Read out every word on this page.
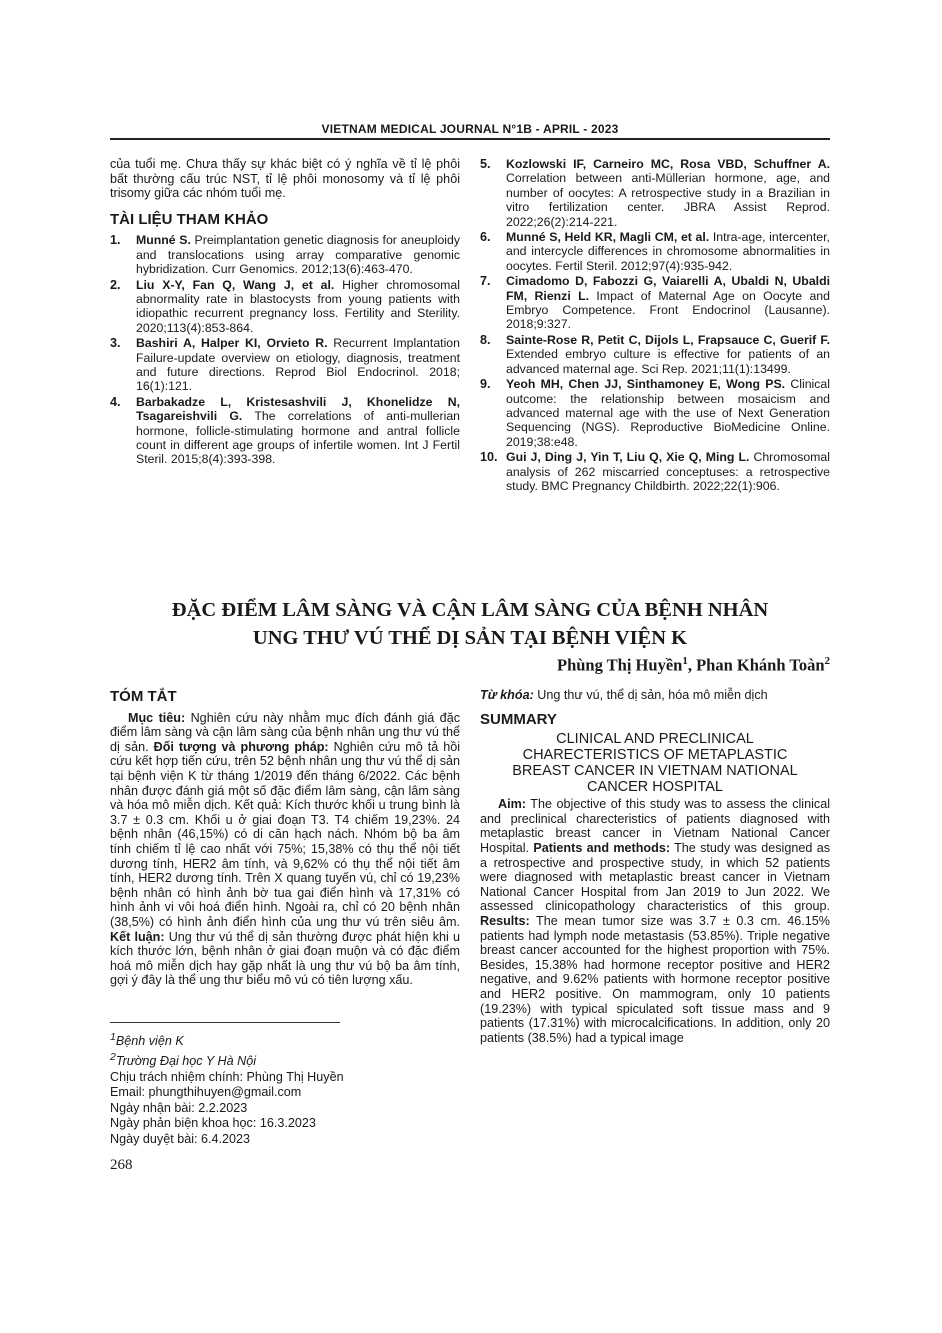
VIETNAM MEDICAL JOURNAL N°1B - APRIL - 2023
của tuổi mẹ. Chưa thấy sự khác biệt có ý nghĩa về tỉ lệ phôi bất thường cấu trúc NST, tỉ lệ phôi monosomy và tỉ lệ phôi trisomy giữa các nhóm tuổi mẹ.
TÀI LIỆU THAM KHẢO
1.	Munné S. Preimplantation genetic diagnosis for aneuploidy and translocations using array comparative genomic hybridization. Curr Genomics. 2012;13(6):463-470.
2.	Liu X-Y, Fan Q, Wang J, et al. Higher chromosomal abnormality rate in blastocysts from young patients with idiopathic recurrent pregnancy loss. Fertility and Sterility. 2020;113(4):853-864.
3.	Bashiri A, Halper KI, Orvieto R. Recurrent Implantation Failure-update overview on etiology, diagnosis, treatment and future directions. Reprod Biol Endocrinol. 2018; 16(1):121.
4.	Barbakadze L, Kristesashvili J, Khonelidze N, Tsagareishvili G. The correlations of anti-mullerian hormone, follicle-stimulating hormone and antral follicle count in different age groups of infertile women. Int J Fertil Steril. 2015;8(4):393-398.
5.	Kozlowski IF, Carneiro MC, Rosa VBD, Schuffner A. Correlation between anti-Müllerian hormone, age, and number of oocytes: A retrospective study in a Brazilian in vitro fertilization center. JBRA Assist Reprod. 2022;26(2):214-221.
6.	Munné S, Held KR, Magli CM, et al. Intra-age, intercenter, and intercycle differences in chromosome abnormalities in oocytes. Fertil Steril. 2012;97(4):935-942.
7.	Cimadomo D, Fabozzi G, Vaiarelli A, Ubaldi N, Ubaldi FM, Rienzi L. Impact of Maternal Age on Oocyte and Embryo Competence. Front Endocrinol (Lausanne). 2018;9:327.
8.	Sainte-Rose R, Petit C, Dijols L, Frapsauce C, Guerif F. Extended embryo culture is effective for patients of an advanced maternal age. Sci Rep. 2021;11(1):13499.
9.	Yeoh MH, Chen JJ, Sinthamoney E, Wong PS. Clinical outcome: the relationship between mosaicism and advanced maternal age with the use of Next Generation Sequencing (NGS). Reproductive BioMedicine Online. 2019;38:e48.
10. Gui J, Ding J, Yin T, Liu Q, Xie Q, Ming L. Chromosomal analysis of 262 miscarried conceptuses: a retrospective study. BMC Pregnancy Childbirth. 2022;22(1):906.
ĐẶC ĐIỂM LÂM SÀNG VÀ CẬN LÂM SÀNG CỦA BỆNH NHÂN
UNG THƯ VÚ THỂ DỊ SẢN TẠI BỆNH VIỆN K
Phùng Thị Huyền$^1$, Phan Khánh Toàn$^2$
TÓM TẮT
Mục tiêu: Nghiên cứu này nhằm mục đích đánh giá đặc điểm lâm sàng và cận lâm sàng của bệnh nhân ung thư vú thể dị sản. Đối tượng và phương pháp: Nghiên cứu mô tả hồi cứu kết hợp tiến cứu, trên 52 bệnh nhân ung thư vú thể dị sản tại bệnh viện K từ tháng 1/2019 đến tháng 6/2022. Các bệnh nhân được đánh giá một số đặc điểm lâm sàng, cận lâm sàng và hóa mô miễn dịch. Kết quả: Kích thước khối u trung bình là 3.7 ± 0.3 cm. Khối u ở giai đoạn T3. T4 chiếm 19,23%. 24 bệnh nhân (46,15%) có di căn hạch nách. Nhóm bộ ba âm tính chiếm tỉ lệ cao nhất với 75%; 15,38% có thụ thể nội tiết dương tính, HER2 âm tính, và 9,62% có thụ thể nội tiết âm tính, HER2 dương tính. Trên X quang tuyến vú, chỉ có 19,23% bệnh nhân có hình ảnh bờ tua gai điển hình và 17,31% có hình ảnh vi vôi hoá điển hình. Ngoài ra, chỉ có 20 bệnh nhân (38,5%) có hình ảnh điển hình của ung thư vú trên siêu âm. Kết luận: Ung thư vú thể dị sản thường được phát hiện khi u kích thước lớn, bệnh nhân ở giai đoạn muộn và có đặc điểm hoá mô miễn dịch hay gặp nhất là ung thư vú bộ ba âm tính, gợi ý đây là thể ung thư biểu mô vú có tiên lượng xấu.
Từ khóa: Ung thư vú, thể dị sản, hóa mô miễn dịch
SUMMARY
CLINICAL AND PRECLINICAL
CHARECTERISTICS OF METAPLASTIC
BREAST CANCER IN VIETNAM NATIONAL
CANCER HOSPITAL
Aim: The objective of this study was to assess the clinical and preclinical charecteristics of patients diagnosed with metaplastic breast cancer in Vietnam National Cancer Hospital. Patients and methods: The study was designed as a retrospective and prospective study, in which 52 patients were diagnosed with metaplastic breast cancer in Vietnam National Cancer Hospital from Jan 2019 to Jun 2022. We assessed clinicopathology characteristics of this group. Results: The mean tumor size was 3.7 ± 0.3 cm. 46.15% patients had lymph node metastasis (53.85%). Triple negative breast cancer accounted for the highest proportion with 75%. Besides, 15.38% had hormone receptor positive and HER2 negative, and 9.62% patients with hormone receptor positive and HER2 positive. On mammogram, only 10 patients (19.23%) with typical spiculated soft tissue mass and 9 patients (17.31%) with microcalcifications. In addition, only 20 patients (38.5%) had a typical image
$^1$Bệnh viện K
$^2$Trường Đại học Y Hà Nội
Chịu trách nhiệm chính: Phùng Thị Huyền
Email: phungthihuyen@gmail.com
Ngày nhận bài: 2.2.2023
Ngày phản biện khoa học: 16.3.2023
Ngày duyệt bài: 6.4.2023
268
